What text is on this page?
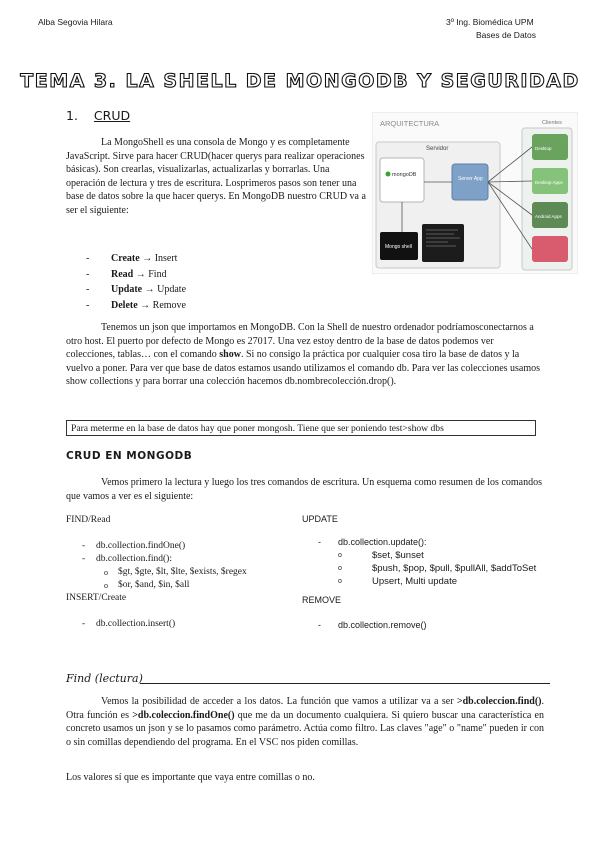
Alba Segovia Hilara	3º Ing. Biomédica UPM
Bases de Datos
TEMA 3. LA SHELL DE MONGODB Y SEGURIDAD
1. CRUD

La MongoShell es una consola de Mongo y es completamente JavaScript. Sirve para hacer CRUD(hacer querys para realizar operaciones básicas). Son crearlas, visualizarlas, actualizarlas y borrarlas. Una operación de lectura y tres de escritura. Losprimeros pasos son tener una base de datos sobre la que hacer querys. En MongoDB nuestro CRUD va a ser el siguiente:

- Create → Insert
- Read → Find
- Update → Update
- Delete → Remove
ARQUITECTURA
Servidor
mongoDB
Server App
Mongo shell
Clientes
Desktop
Desktop Apps
Android Apps

Tenemos un json que importamos en MongoDB. Con la Shell de nuestro ordenador podríamosconectarnos a otro host. El puerto por defecto de Mongo es 27017. Una vez estoy dentro de la base de datos podemos ver colecciones, tablas… con el comando show. Si no consigo la práctica por cualquier cosa tiro la base de datos y la vuelvo a poner. Para ver que base de datos estamos usando utilizamos el comando db. Para ver las colecciones usamos show collections y para borrar una colección hacemos db.nombrecolección.drop().

Para meterme en la base de datos hay que poner mongosh. Tiene que ser poniendo test>show dbs
CRUD EN MONGODB

Vemos primero la lectura y luego los tres comandos de escritura. Un esquema como resumen de los comandos que vamos a ver es el siguiente:

FIND/Read
- db.collection.findOne()
- db.collection.find():
o $gt, $gte, $lt, $lte, $exists, $regex
o $or, $and, $in, $all
INSERT/Create
- db.collection.insert()
UPDATE
- db.collection.update():
o $set, $unset
o $push, $pop, $pull, $pullAll, $addToSet
o Upsert, Multi update
REMOVE
- db.collection.remove()
Find (lectura)

Vemos la posibilidad de acceder a los datos. La función que vamos a utilizar va a ser >db.coleccion.find(). Otra función es >db.coleccion.findOne() que me da un documento cualquiera. Si quiero buscar una característica en concreto usamos un json y se lo pasamos como parámetro. Actúa como filtro. Las claves "age" o "name" pueden ir con o sin comillas dependiendo del programa. En el VSC nos piden comillas.

Los valores sí que es importante que vaya entre comillas o no.
